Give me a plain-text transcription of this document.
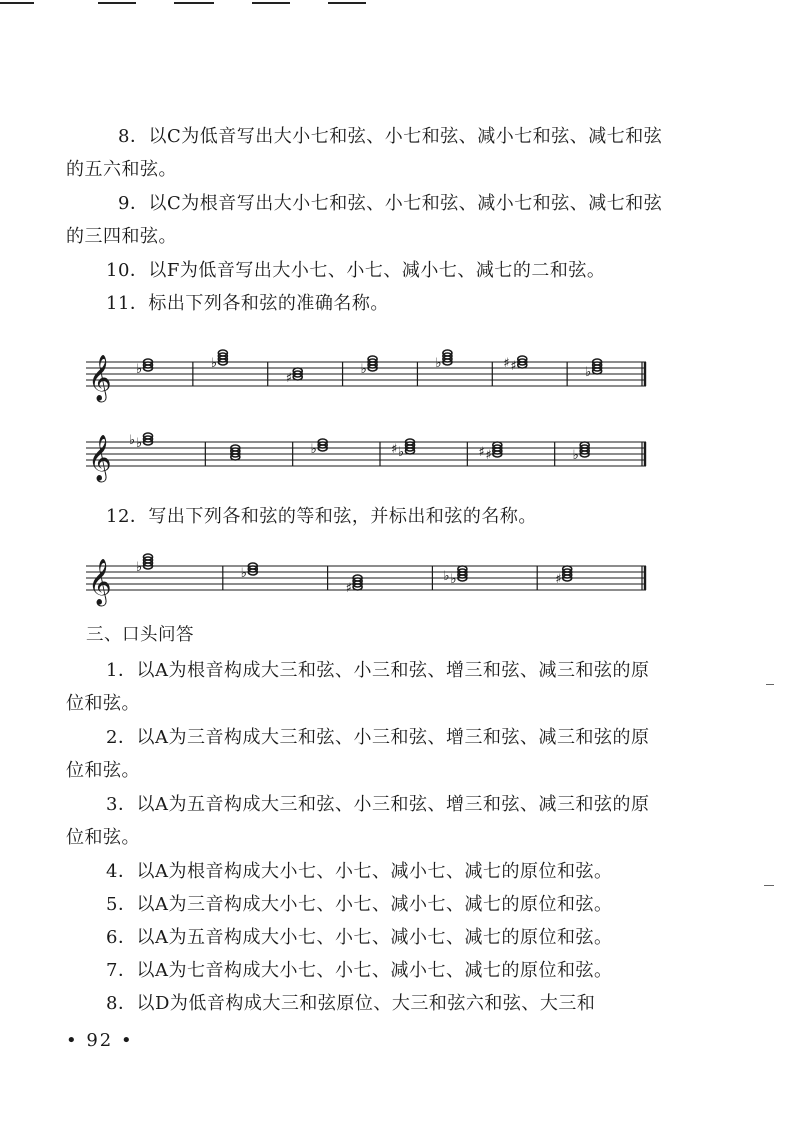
8．以C为低音写出大小七和弦、小七和弦、减小七和弦、减七和弦的五六和弦。

9．以C为根音写出大小七和弦、小七和弦、减小七和弦、减七和弦的三四和弦。

10．以F为低音写出大小七、小七、减小七、减七的二和弦。

11．标出下列各和弦的准确名称。

𝄞 ♭	♭
♯
♭	♭	♯
♯
♭
𝄞 ♭
♭
♭	♭
♯	♯
♯	♭

12．写出下列各和弦的等和弦，并标出和弦的名称。

𝄞 ♭	♭
♯
♭
♭	♯

三、口头问答

1．以A为根音构成大三和弦、小三和弦、增三和弦、减三和弦的原位和弦。

2．以A为三音构成大三和弦、小三和弦、增三和弦、减三和弦的原位和弦。

3．以A为五音构成大三和弦、小三和弦、增三和弦、减三和弦的原位和弦。

4．以A为根音构成大小七、小七、减小七、减七的原位和弦。

5．以A为三音构成大小七、小七、减小七、减七的原位和弦。

6．以A为五音构成大小七、小七、减小七、减七的原位和弦。

7．以A为七音构成大小七、小七、减小七、减七的原位和弦。

8．以D为低音构成大三和弦原位、大三和弦六和弦、大三和

• 92 •
